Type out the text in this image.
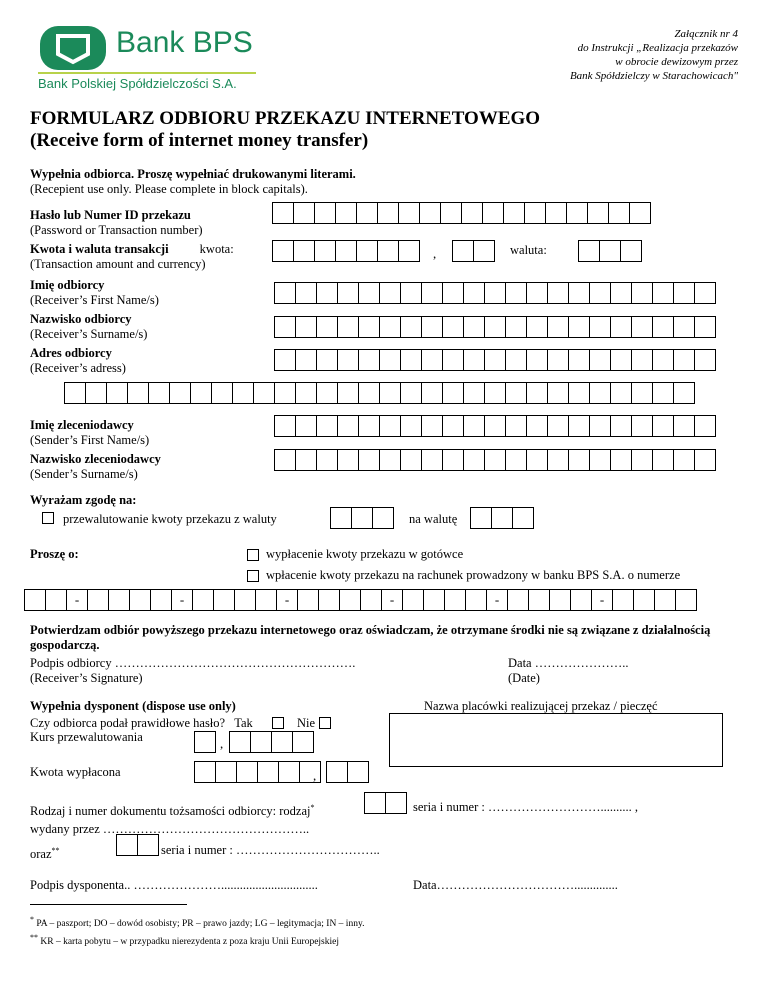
Bank BPS
Bank Polskiej Spółdzielczości S.A.
Załącznik nr 4
do Instrukcji „Realizacja przekazów
w obrocie dewizowym przez
Bank Spółdzielczy w Starachowicach"
FORMULARZ ODBIORU PRZEKAZU INTERNETOWEGO
(Receive form of internet money transfer)
Wypełnia odbiorca. Proszę wypełniać drukowanymi literami.
(Recepient use only. Please complete in block capitals).
Hasło lub Numer ID przekazu
(Password or Transaction number)
Kwota i waluta transakcji kwota:
(Transaction amount and currency)
,	waluta:
Imię odbiorcy
(Receiver’s First Name/s)
Nazwisko odbiorcy
(Receiver’s Surname/s)
Adres odbiorcy
(Receiver’s adress)
Imię zleceniodawcy
(Sender’s First Name/s)
Nazwisko zleceniodawcy
(Sender’s Surname/s)
Wyrażam zgodę na:
przewalutowanie kwoty przekazu z waluty	na walutę
Proszę o:	wypłacenie kwoty przekazu w gotówce
wpłacenie kwoty przekazu na rachunek prowadzony w banku BPS S.A. o numerze
-	-	-	-	-	-
Potwierdzam odbiór powyższego przekazu internetowego oraz oświadczam, że otrzymane środki nie są związane z działalnością gospodarczą.
Podpis odbiorcy ………………………………………………….
(Receiver’s Signature)
Data …………………..
(Date)
Wypełnia dysponent (dispose use only)	Nazwa placówki realizującej przekaz / pieczęć
Czy odbiorca podał prawidłowe hasło? Tak	Nie
Kurs przewalutowania	,
Kwota wypłacona	,
Rodzaj i numer dokumentu tożsamości odbiorcy: rodzaj*	seria i numer : ……………………….......... ,
wydany przez …………………………………………..
oraz**	seria i numer : ……………………………..
Podpis dysponenta.. …………………...............................	Data……………………………..............
* PA – paszport; DO – dowód osobisty; PR – prawo jazdy; LG – legitymacja; IN – inny.
** KR – karta pobytu – w przypadku nierezydenta z poza kraju Unii Europejskiej
